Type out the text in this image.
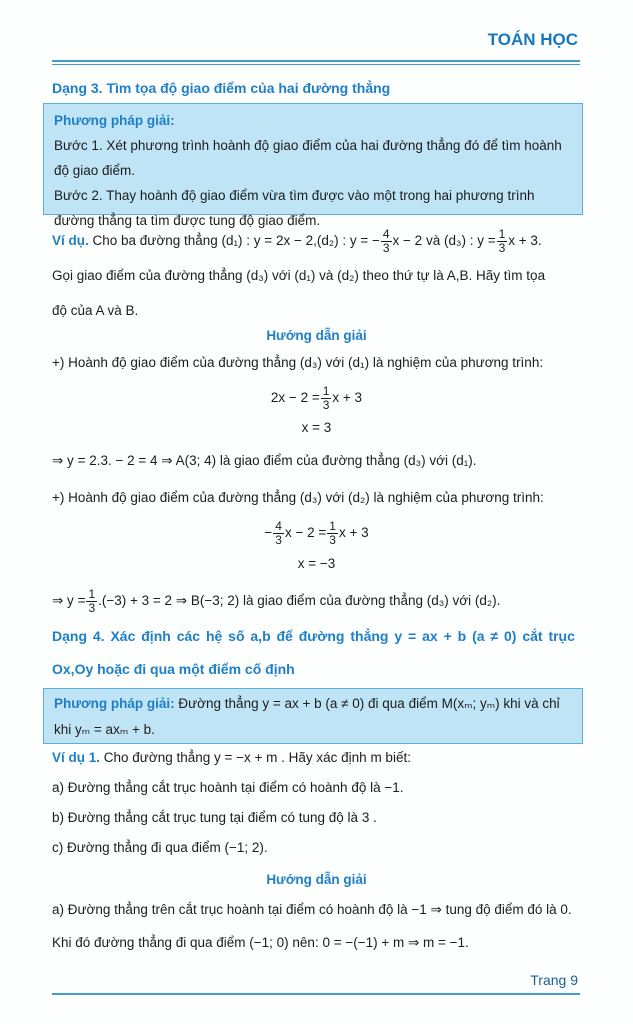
TOÁN HỌC
Dạng 3. Tìm tọa độ giao điểm của hai đường thẳng

Phương pháp giải:

Bước 1. Xét phương trình hoành độ giao điểm của hai đường thẳng đó để tìm hoành độ giao điểm.

Bước 2. Thay hoành độ giao điểm vừa tìm được vào một trong hai phương trình đường thẳng ta tìm được tung độ giao điểm.

Ví dụ. Cho ba đường thẳng (d₁) : y = 2x − 2,(d₂) : y = − $\frac{4}{3}$ x − 2 và (d₃) : $y = \frac{1}{3}$ x + 3.
Gọi giao điểm của đường thẳng (d₃) với (d₁) và (d₂) theo thứ tự là A,B. Hãy tìm tọa
độ của A và B.
Hướng dẫn giải
+) Hoành độ giao điểm của đường thẳng (d₃) với (d₁) là nghiệm của phương trình:
$2x - 2 = \frac{1}{3}$ x + 3
x = 3
⇒ y = 2.3. − 2 = 4 ⇒ A(3; 4) là giao điểm của đường thẳng (d₃) với (d₁).
+) Hoành độ giao điểm của đường thẳng (d₃) với (d₂) là nghiệm của phương trình:
− $\frac{4}{3}$ $x - 2 = \frac{1}{3}$ x + 3
x = −3
⇒ $y = \frac{1}{3} .(-3) + 3 = 2$ ⇒ B(−3; 2) là giao điểm của đường thẳng (d₃) với (d₂).
Dạng 4. Xác định các hệ số a,b để đường thẳng y = ax + b (a ≠ 0) cắt trục
Ox,Oy hoặc đi qua một điểm cố định

Phương pháp giải: Đường thẳng y = ax + b (a ≠ 0) đi qua điểm M(xₘ; yₘ) khi và chỉ khi yₘ = axₘ + b.

Ví dụ 1. Cho đường thẳng y = −x + m . Hãy xác định m biết:
a) Đường thẳng cắt trục hoành tại điểm có hoành độ là −1.
b) Đường thẳng cắt trục tung tại điểm có tung độ là 3 .
c) Đường thẳng đi qua điểm (−1; 2).
Hướng dẫn giải
a) Đường thẳng trên cắt trục hoành tại điểm có hoành độ là −1 ⇒ tung độ điểm đó là 0.
Khi đó đường thẳng đi qua điểm (−1; 0) nên: 0 = −(−1) + m ⇒ m = −1.
Trang 9
